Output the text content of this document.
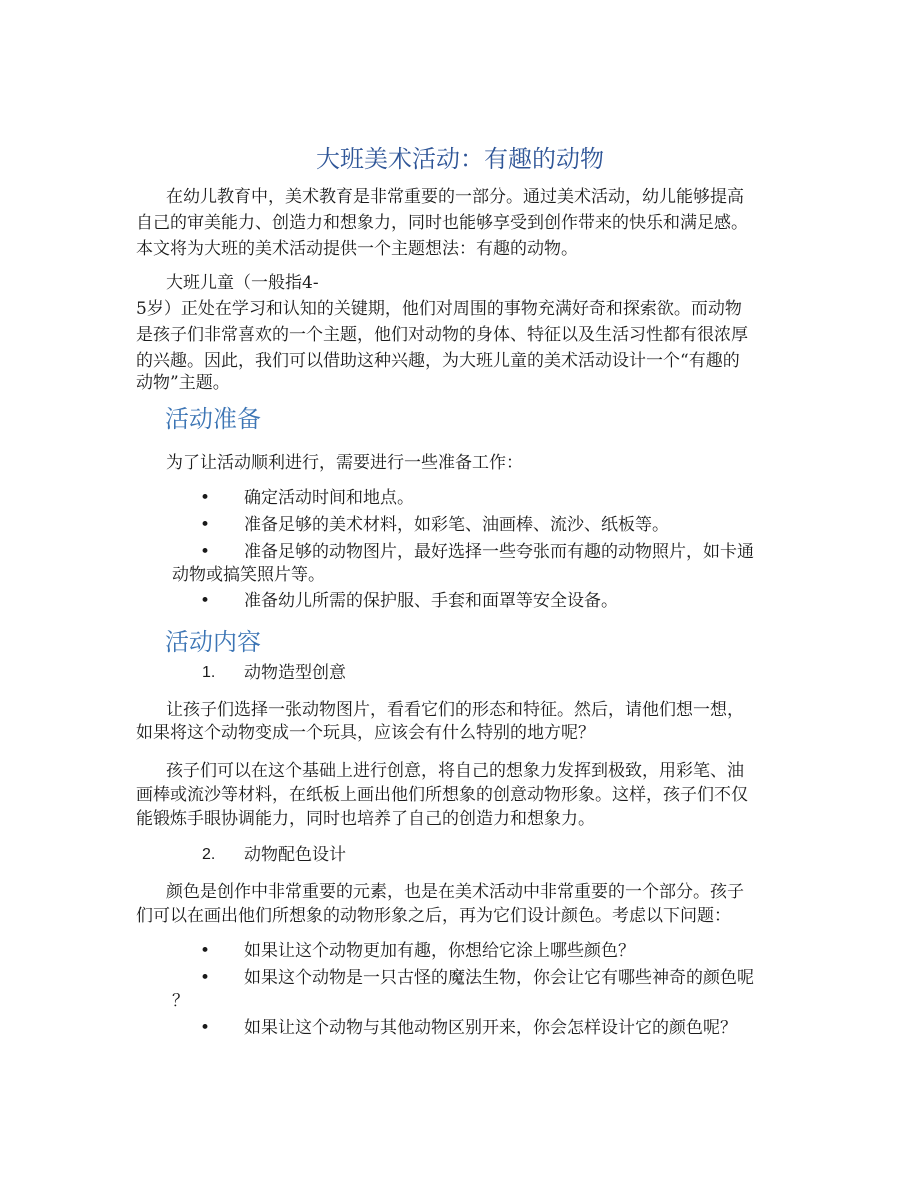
大班美术活动：有趣的动物
在幼儿教育中，美术教育是非常重要的一部分。通过美术活动，幼儿能够提高
自己的审美能力、创造力和想象力，同时也能够享受到创作带来的快乐和满足感。
本文将为大班的美术活动提供一个主题想法：有趣的动物。
大班儿童（一般指4-
5岁）正处在学习和认知的关键期，他们对周围的事物充满好奇和探索欲。而动物
是孩子们非常喜欢的一个主题，他们对动物的身体、特征以及生活习性都有很浓厚
的兴趣。因此，我们可以借助这种兴趣，为大班儿童的美术活动设计一个“有趣的
动物”主题。
活动准备
为了让活动顺利进行，需要进行一些准备工作：
• 确定活动时间和地点。
• 准备足够的美术材料，如彩笔、油画棒、流沙、纸板等。
• 准备足够的动物图片，最好选择一些夸张而有趣的动物照片，如卡通
动物或搞笑照片等。
• 准备幼儿所需的保护服、手套和面罩等安全设备。
活动内容
1. 动物造型创意
让孩子们选择一张动物图片，看看它们的形态和特征。然后，请他们想一想，
如果将这个动物变成一个玩具，应该会有什么特别的地方呢？
孩子们可以在这个基础上进行创意，将自己的想象力发挥到极致，用彩笔、油
画棒或流沙等材料，在纸板上画出他们所想象的创意动物形象。这样，孩子们不仅
能锻炼手眼协调能力，同时也培养了自己的创造力和想象力。
2. 动物配色设计
颜色是创作中非常重要的元素，也是在美术活动中非常重要的一个部分。孩子
们可以在画出他们所想象的动物形象之后，再为它们设计颜色。考虑以下问题：
• 如果让这个动物更加有趣，你想给它涂上哪些颜色？
• 如果这个动物是一只古怪的魔法生物，你会让它有哪些神奇的颜色呢
？
• 如果让这个动物与其他动物区别开来，你会怎样设计它的颜色呢？
